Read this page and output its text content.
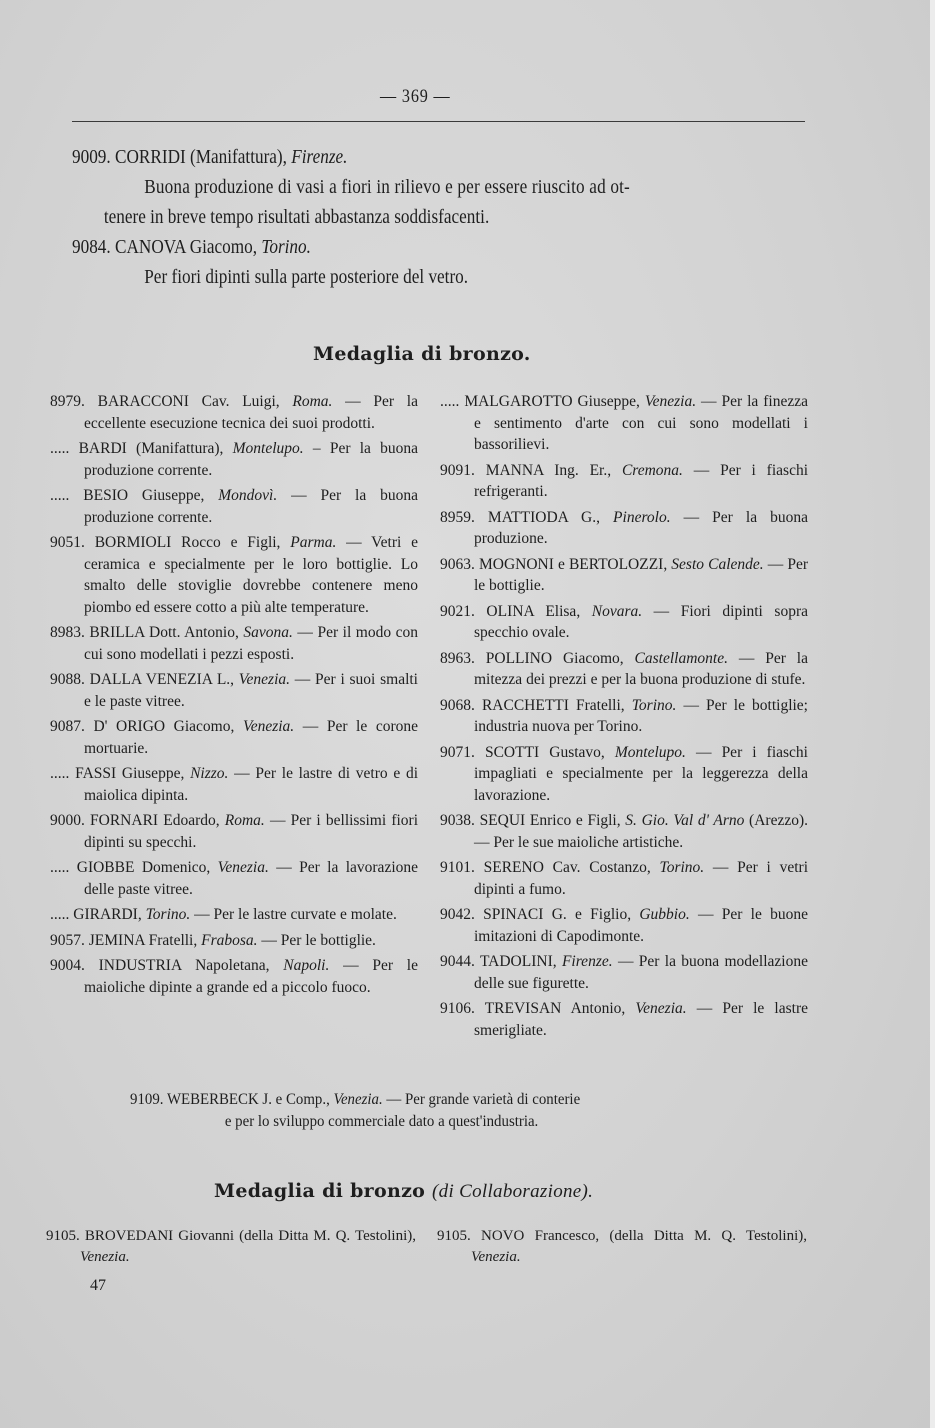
— 369 —
9009. CORRIDI (Manifattura), Firenze.
Buona produzione di vasi a fiori in rilievo e per essere riuscito ad ot-
tenere in breve tempo risultati abbastanza soddisfacenti.
9084. CANOVA Giacomo, Torino.
Per fiori dipinti sulla parte posteriore del vetro.
Medaglia di bronzo.
8979. BARACCONI Cav. Luigi, Roma. — Per la eccellente esecuzione tecnica dei suoi prodotti.
..... BARDI (Manifattura), Montelupo. – Per la buona produzione corrente.
..... BESIO Giuseppe, Mondovì. — Per la buona produzione corrente.
9051. BORMIOLI Rocco e Figli, Parma. — Vetri e ceramica e specialmente per le loro bottiglie. Lo smalto delle stoviglie dovrebbe contenere meno piombo ed essere cotto a più alte temperature.
8983. BRILLA Dott. Antonio, Savona. — Per il modo con cui sono modellati i pezzi esposti.
9088. DALLA VENEZIA L., Venezia. — Per i suoi smalti e le paste vitree.
9087. D' ORIGO Giacomo, Venezia. — Per le corone mortuarie.
..... FASSI Giuseppe, Nizzo. — Per le lastre di vetro e di maiolica dipinta.
9000. FORNARI Edoardo, Roma. — Per i bellissimi fiori dipinti su specchi.
..... GIOBBE Domenico, Venezia. — Per la lavorazione delle paste vitree.
..... GIRARDI, Torino. — Per le lastre curvate e molate.
9057. JEMINA Fratelli, Frabosa. — Per le bottiglie.
9004. INDUSTRIA Napoletana, Napoli. — Per le maioliche dipinte a grande ed a piccolo fuoco.
..... MALGAROTTO Giuseppe, Venezia. — Per la finezza e sentimento d'arte con cui sono modellati i bassorilievi.
9091. MANNA Ing. Er., Cremona. — Per i fiaschi refrigeranti.
8959. MATTIODA G., Pinerolo. — Per la buona produzione.
9063. MOGNONI e BERTOLOZZI, Sesto Calende. — Per le bottiglie.
9021. OLINA Elisa, Novara. — Fiori dipinti sopra specchio ovale.
8963. POLLINO Giacomo, Castellamonte. — Per la mitezza dei prezzi e per la buona produzione di stufe.
9068. RACCHETTI Fratelli, Torino. — Per le bottiglie; industria nuova per Torino.
9071. SCOTTI Gustavo, Montelupo. — Per i fiaschi impagliati e specialmente per la leggerezza della lavorazione.
9038. SEQUI Enrico e Figli, S. Gio. Val d' Arno (Arezzo). — Per le sue maioliche artistiche.
9101. SERENO Cav. Costanzo, Torino. — Per i vetri dipinti a fumo.
9042. SPINACI G. e Figlio, Gubbio. — Per le buone imitazioni di Capodimonte.
9044. TADOLINI, Firenze. — Per la buona modellazione delle sue figurette.
9106. TREVISAN Antonio, Venezia. — Per le lastre smerigliate.
9109. WEBERBECK J. e Comp., Venezia. — Per grande varietà di conterie
e per lo sviluppo commerciale dato a quest'industria.
Medaglia di bronzo (di Collaborazione).
9105. BROVEDANI Giovanni (della Ditta M. Q. Testolini), Venezia.
9105. NOVO Francesco, (della Ditta M. Q. Testolini), Venezia.
47
